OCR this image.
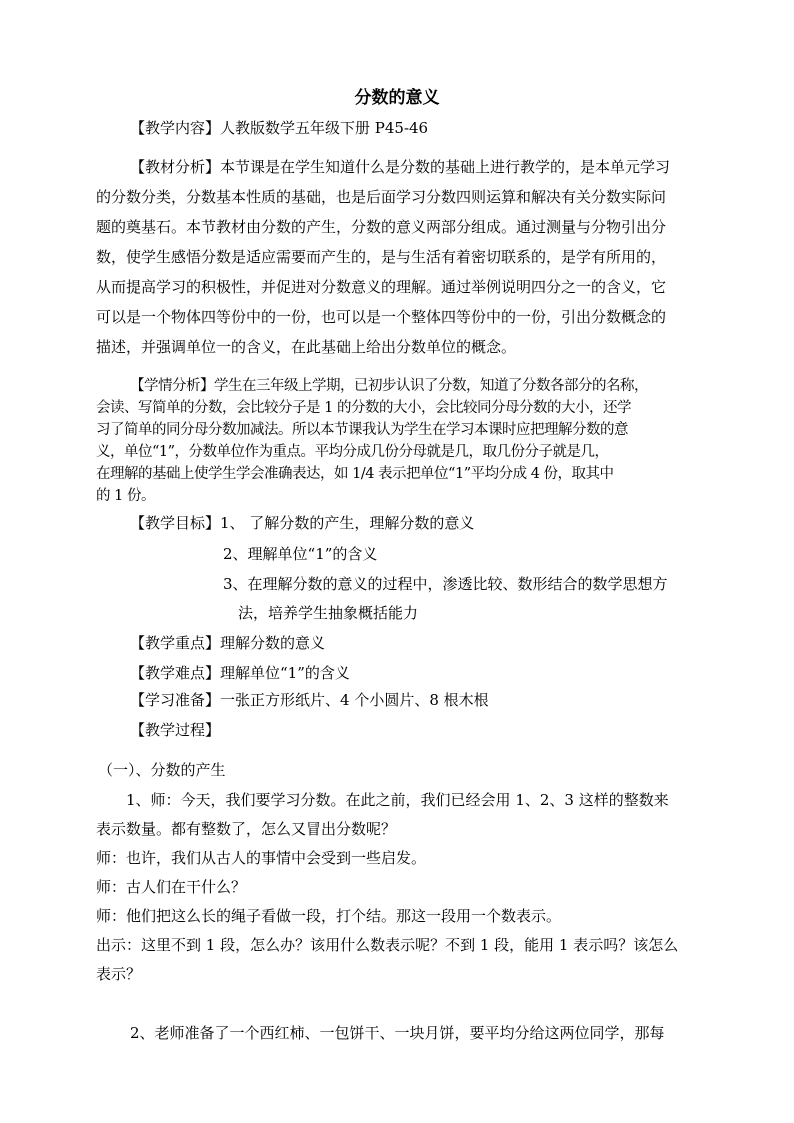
分数的意义
【教学内容】人教版数学五年级下册 P45-46
【教材分析】本节课是在学生知道什么是分数的基础上进行教学的，是本单元学习
的分数分类，分数基本性质的基础，也是后面学习分数四则运算和解决有关分数实际问
题的奠基石。本节教材由分数的产生，分数的意义两部分组成。通过测量与分物引出分
数，使学生感悟分数是适应需要而产生的，是与生活有着密切联系的，是学有所用的，
从而提高学习的积极性，并促进对分数意义的理解。通过举例说明四分之一的含义，它
可以是一个物体四等份中的一份，也可以是一个整体四等份中的一份，引出分数概念的
描述，并强调单位一的含义，在此基础上给出分数单位的概念。
【学情分析】学生在三年级上学期，已初步认识了分数，知道了分数各部分的名称，
会读、写简单的分数，会比较分子是 1 的分数的大小，会比较同分母分数的大小，还学
习了简单的同分母分数加减法。所以本节课我认为学生在学习本课时应把理解分数的意
义，单位“1”，分数单位作为重点。平均分成几份分母就是几，取几份分子就是几，
在理解的基础上使学生学会准确表达，如 1/4 表示把单位“1”平均分成 4 份，取其中
的 1 份。
【教学目标】1、 了解分数的产生，理解分数的意义
2、理解单位“1”的含义
3、在理解分数的意义的过程中，渗透比较、数形结合的数学思想方
法，培养学生抽象概括能力
【教学重点】理解分数的意义
【教学难点】理解单位“1”的含义
【学习准备】一张正方形纸片、4 个小圆片、8 根木根
【教学过程】
（一）、分数的产生
1、师：今天，我们要学习分数。在此之前，我们已经会用 1、2、3 这样的整数来
表示数量。都有整数了，怎么又冒出分数呢？
师：也许，我们从古人的事情中会受到一些启发。
师：古人们在干什么？
师：他们把这么长的绳子看做一段，打个结。那这一段用一个数表示。
出示：这里不到 1 段，怎么办？该用什么数表示呢？不到 1 段，能用 1 表示吗？该怎么
表示？
2、老师准备了一个西红柿、一包饼干、一块月饼，要平均分给这两位同学，那每
